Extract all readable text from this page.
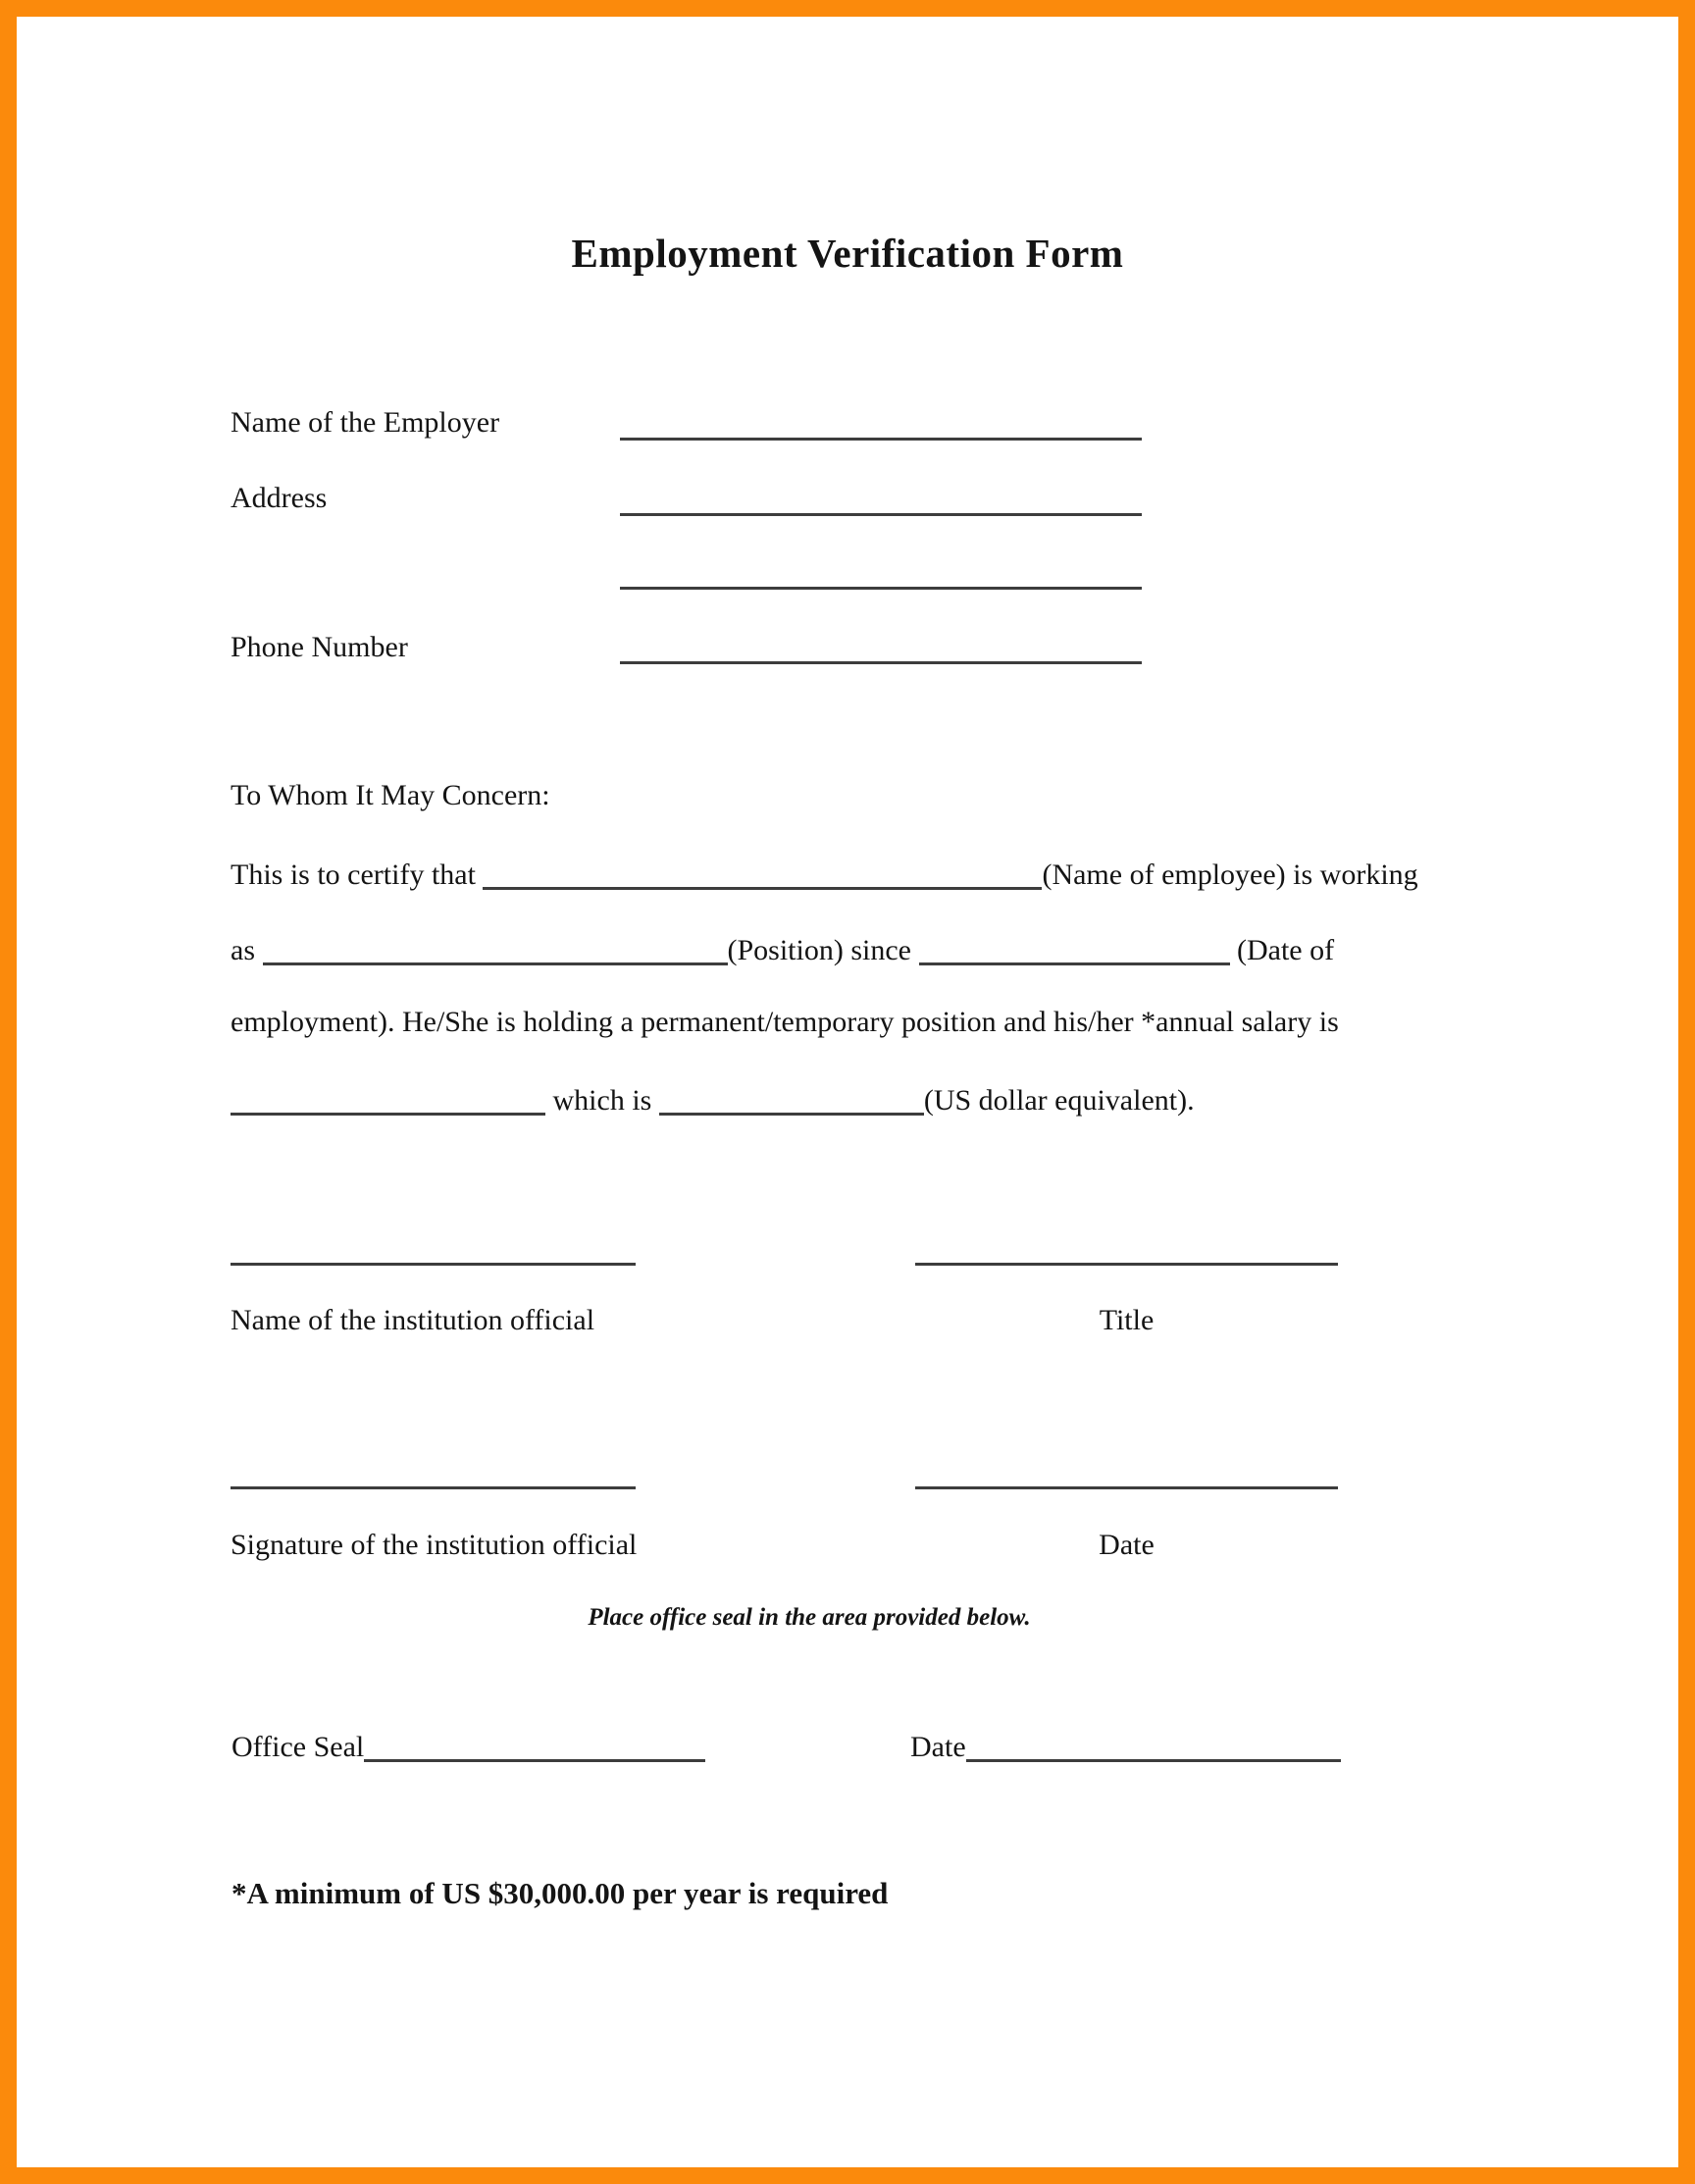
Employment Verification Form
Name of the Employer
Address
Phone Number
To Whom It May Concern:
This is to certify that	(Name of employee) is working
as	(Position) since	(Date of
employment). He/She is holding a permanent/temporary position and his/her *annual salary is
which is	(US dollar equivalent).
Name of the institution official	Title
Signature of the institution official	Date
Place office seal in the area provided below.
Office Seal	Date
*A minimum of US $30,000.00 per year is required
